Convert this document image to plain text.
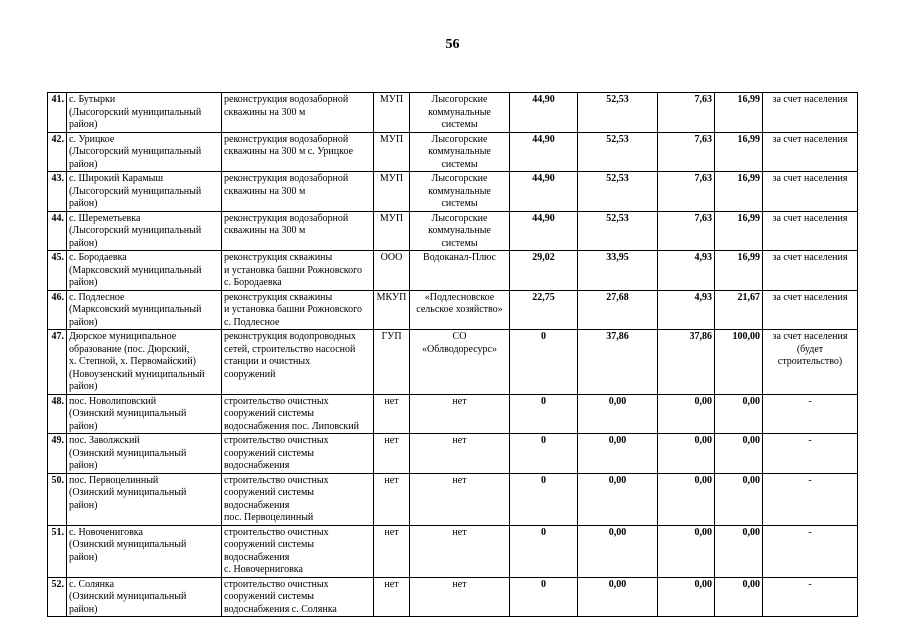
56
41.	с. Бутырки
(Лысогорский муниципальный
район)	реконструкция водозаборной
скважины на 300 м	МУП	Лысогорские
коммунальные
системы	44,90	52,53	7,63	16,99	за счет населения
42.	с. Урицкое
(Лысогорский муниципальный
район)	реконструкция водозаборной
скважины на 300 м с. Урицкое	МУП	Лысогорские
коммунальные
системы	44,90	52,53	7,63	16,99	за счет населения
43.	с. Широкий Карамыш
(Лысогорский муниципальный
район)	реконструкция водозаборной
скважины на 300 м	МУП	Лысогорские
коммунальные
системы	44,90	52,53	7,63	16,99	за счет населения
44.	с. Шереметьевка
(Лысогорский муниципальный
район)	реконструкция водозаборной
скважины на 300 м	МУП	Лысогорские
коммунальные
системы	44,90	52,53	7,63	16,99	за счет населения
45.	с. Бородаевка
(Марксовский муниципальный
район)	реконструкция скважины
и установка башни Рожновского
с. Бородаевка	ООО	Водоканал-Плюс	29,02	33,95	4,93	16,99	за счет населения
46.	с. Подлесное
(Марксовский муниципальный
район)	реконструкция скважины
и установка башни Рожновского
с. Подлесное	МКУП	«Подлесновское
сельское хозяйство»	22,75	27,68	4,93	21,67	за счет населения
47.	Дюрское муниципальное
образование (пос. Дюрский,
х. Степной, х. Первомайский)
(Новоузенский муниципальный
район)	реконструкция водопроводных
сетей, строительство насосной
станции и очистных
сооружений	ГУП	СО
«Облводоресурс»	0	37,86	37,86	100,00	за счет населения
(будет
строительство)
48.	пос. Новолиповский
(Озинский муниципальный
район)	строительство очистных
сооружений системы
водоснабжения пос. Липовский	нет	нет	0	0,00	0,00	0,00	-
49.	пос. Заволжский
(Озинский муниципальный
район)	строительство очистных
сооружений системы
водоснабжения	нет	нет	0	0,00	0,00	0,00	-
50.	пос. Первоцелинный
(Озинский муниципальный
район)	строительство очистных
сооружений системы
водоснабжения
пос. Первоцелинный	нет	нет	0	0,00	0,00	0,00	-
51.	с. Новочениговка
(Озинский муниципальный
район)	строительство очистных
сооружений системы
водоснабжения
с. Новочерниговка	нет	нет	0	0,00	0,00	0,00	-
52.	с. Солянка
(Озинский муниципальный
район)	строительство очистных
сооружений системы
водоснабжения с. Солянка	нет	нет	0	0,00	0,00	0,00	-
